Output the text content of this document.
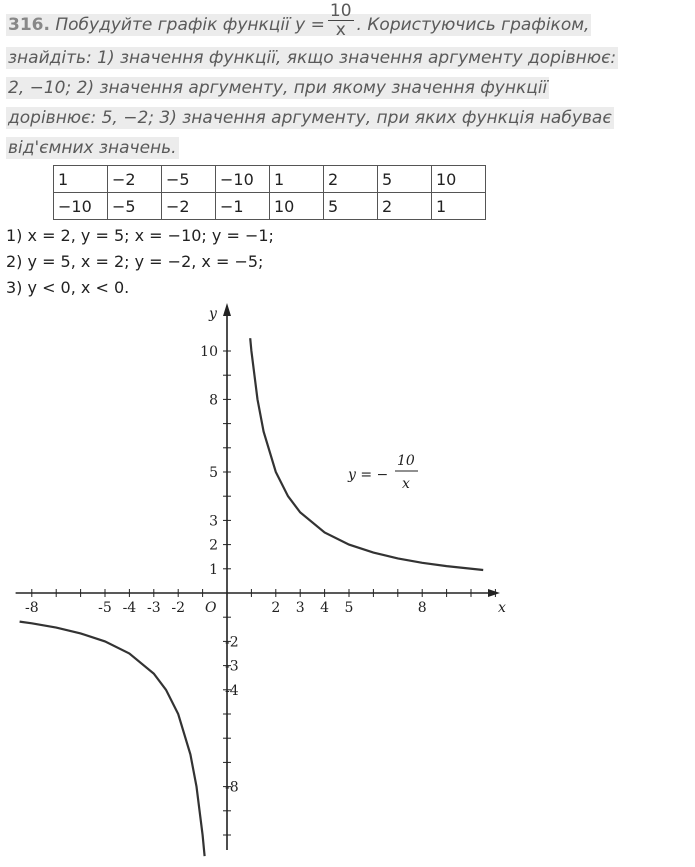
316. Побудуйте графік функції $y = \frac{10}{x}$ . Користуючись графіком,
знайдіть: 1) значення функції, якщо значення аргументу дорівнює:
2, −10; 2) значення аргументу, при якому значення функції
дорівнює: 5, −2; 3) значення аргументу, при яких функція набуває
від'ємних значень.
1	−2	−5	−10	1	2	5	10
−10	−5	−2	−1	10	5	2	1
1) x = 2, y = 5; x = −10; y = −1;
2) y = 5, x = 2; y = −2, x = −5;
3) y < 0, x < 0.
-8	-5 -4 -3 -2	2 3 4 5	8
10
8
5
3
2
1
-2
-3
-4
-8
x
y
O
y = −
10
x
